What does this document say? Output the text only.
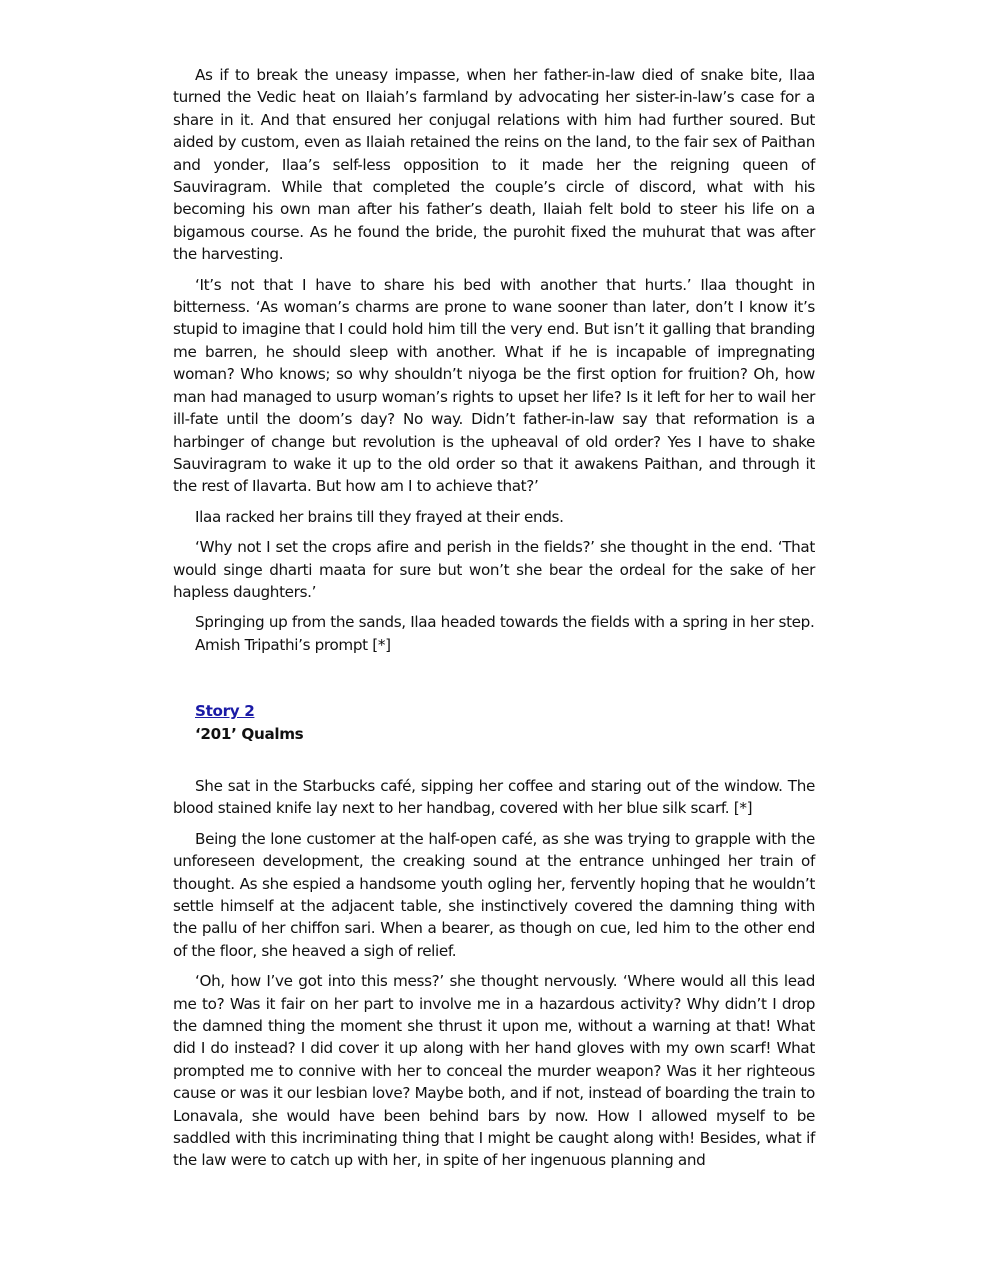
As if to break the uneasy impasse, when her father-in-law died of snake bite, Ilaa turned the Vedic heat on Ilaiah’s farmland by advocating her sister-in-law’s case for a share in it. And that ensured her conjugal relations with him had further soured. But aided by custom, even as Ilaiah retained the reins on the land, to the fair sex of Paithan and yonder, Ilaa’s self-less opposition to it made her the reigning queen of Sauviragram. While that completed the couple’s circle of discord, what with his becoming his own man after his father’s death, Ilaiah felt bold to steer his life on a bigamous course. As he found the bride, the purohit fixed the muhurat that was after the harvesting.

‘It’s not that I have to share his bed with another that hurts.’ Ilaa thought in bitterness. ‘As woman’s charms are prone to wane sooner than later, don’t I know it’s stupid to imagine that I could hold him till the very end. But isn’t it galling that branding me barren, he should sleep with another. What if he is incapable of impregnating woman? Who knows; so why shouldn’t niyoga be the first option for fruition? Oh, how man had managed to usurp woman’s rights to upset her life? Is it left for her to wail her ill-fate until the doom’s day? No way. Didn’t father-in-law say that reformation is a harbinger of change but revolution is the upheaval of old order? Yes I have to shake Sauviragram to wake it up to the old order so that it awakens Paithan, and through it the rest of Ilavarta. But how am I to achieve that?’

Ilaa racked her brains till they frayed at their ends.

‘Why not I set the crops afire and perish in the fields?’ she thought in the end. ‘That would singe dharti maata for sure but won’t she bear the ordeal for the sake of her hapless daughters.’

Springing up from the sands, Ilaa headed towards the fields with a spring in her step.

Amish Tripathi’s prompt [*]

Story 2
‘201’ Qualms

She sat in the Starbucks café, sipping her coffee and staring out of the window. The blood stained knife lay next to her handbag, covered with her blue silk scarf. [*]

Being the lone customer at the half-open café, as she was trying to grapple with the unforeseen development, the creaking sound at the entrance unhinged her train of thought. As she espied a handsome youth ogling her, fervently hoping that he wouldn’t settle himself at the adjacent table, she instinctively covered the damning thing with the pallu of her chiffon sari. When a bearer, as though on cue, led him to the other end of the floor, she heaved a sigh of relief.

‘Oh, how I’ve got into this mess?’ she thought nervously. ‘Where would all this lead me to? Was it fair on her part to involve me in a hazardous activity? Why didn’t I drop the damned thing the moment she thrust it upon me, without a warning at that! What did I do instead? I did cover it up along with her hand gloves with my own scarf! What prompted me to connive with her to conceal the murder weapon? Was it her righteous cause or was it our lesbian love? Maybe both, and if not, instead of boarding the train to Lonavala, she would have been behind bars by now. How I allowed myself to be saddled with this incriminating thing that I might be caught along with! Besides, what if the law were to catch up with her, in spite of her ingenuous planning and
